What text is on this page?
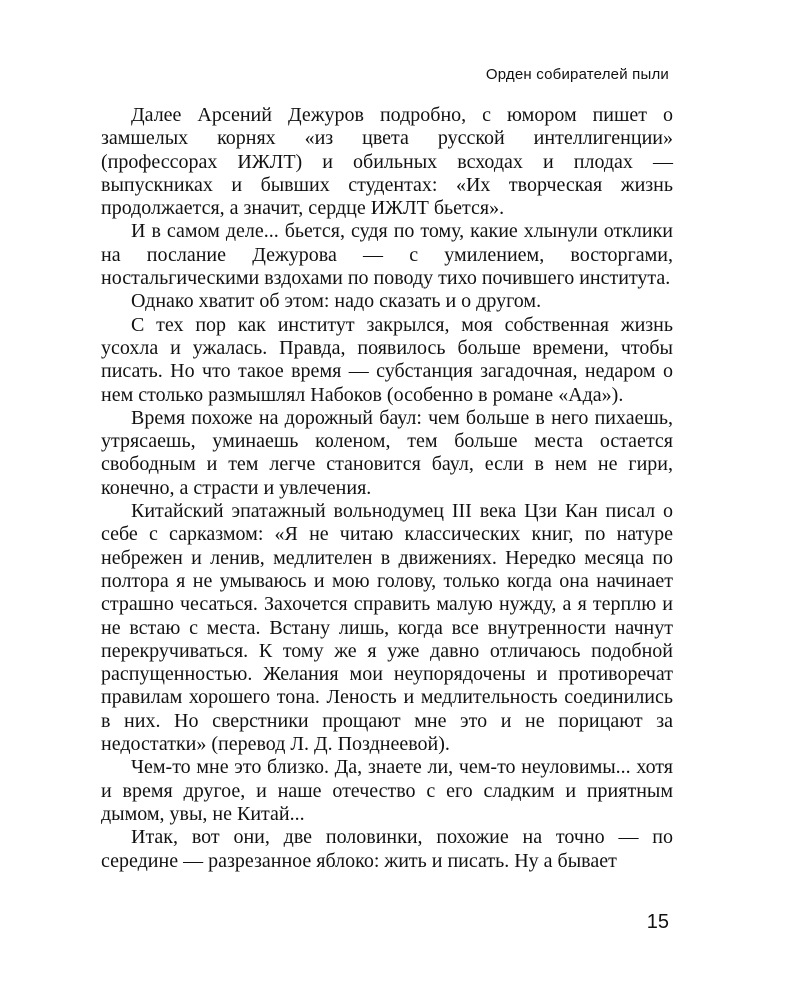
Орден собирателей пыли

Далее Арсений Дежуров подробно, с юмором пишет о замшелых корнях «из цвета русской интеллигенции» (профессорах ИЖЛТ) и обильных всходах и плодах — выпускниках и бывших студентах: «Их творческая жизнь продолжается, а значит, сердце ИЖЛТ бьется».

И в самом деле... бьется, судя по тому, какие хлынули отклики на послание Дежурова — с умилением, восторгами, ностальгическими вздохами по поводу тихо почившего института.

Однако хватит об этом: надо сказать и о другом.

С тех пор как институт закрылся, моя собственная жизнь усохла и ужалась. Правда, появилось больше времени, чтобы писать. Но что такое время — субстанция загадочная, недаром о нем столько размышлял Набоков (особенно в романе «Ада»).

Время похоже на дорожный баул: чем больше в него пихаешь, утрясаешь, уминаешь коленом, тем больше места остается свободным и тем легче становится баул, если в нем не гири, конечно, а страсти и увлечения.

Китайский эпатажный вольнодумец III века Цзи Кан писал о себе с сарказмом: «Я не читаю классических книг, по натуре небрежен и ленив, медлителен в движениях. Нередко месяца по полтора я не умываюсь и мою голову, только когда она начинает страшно чесаться. Захочется справить малую нужду, а я терплю и не встаю с места. Встану лишь, когда все внутренности начнут перекручиваться. К тому же я уже давно отличаюсь подобной распущенностью. Желания мои неупорядочены и противоречат правилам хорошего тона. Леность и медлительность соединились в них. Но сверстники прощают мне это и не порицают за недостатки» (перевод Л. Д. Позднеевой).

Чем-то мне это близко. Да, знаете ли, чем-то неуловимы... хотя и время другое, и наше отечество с его сладким и приятным дымом, увы, не Китай...

Итак, вот они, две половинки, похожие на точно — по середине — разрезанное яблоко: жить и писать. Ну а бывает

15
